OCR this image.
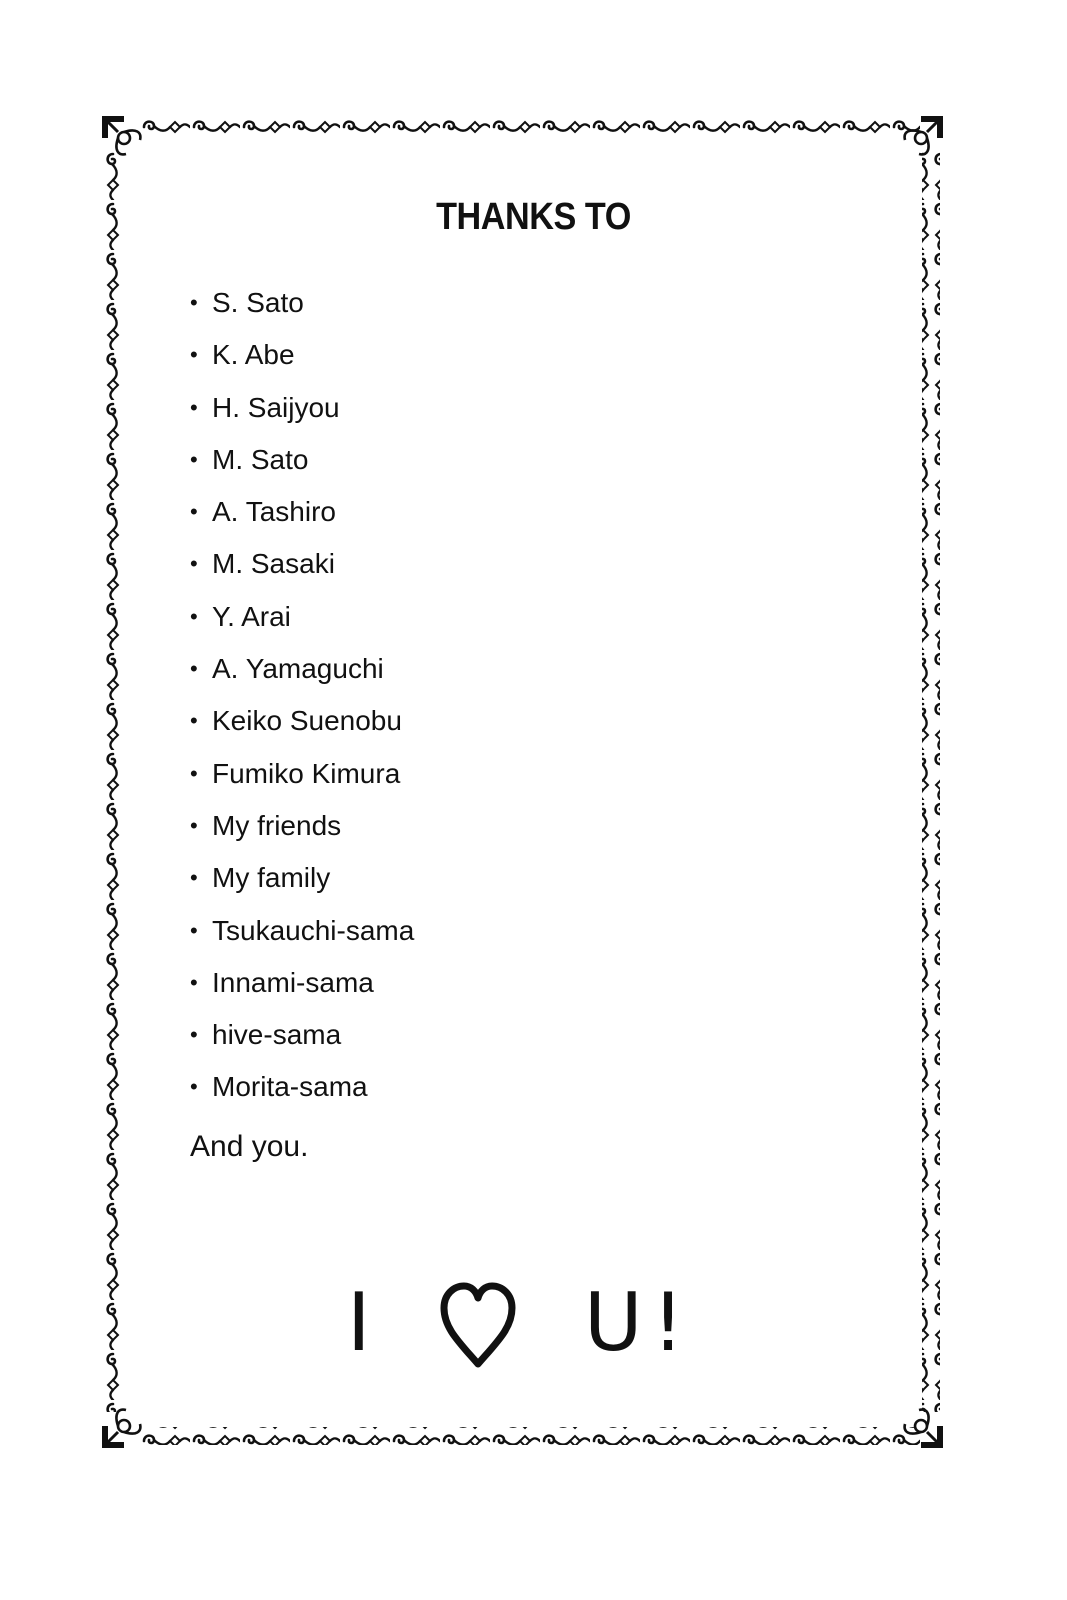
THANKS TO
• S. Sato
• K. Abe
• H. Saijyou
• M. Sato
• A. Tashiro
• M. Sasaki
• Y. Arai
• A. Yamaguchi
• Keiko Suenobu
• Fumiko Kimura
• My friends
• My family
• Tsukauchi-sama
• Innami-sama
• hive-sama
• Morita-sama

And you.

I	U !
